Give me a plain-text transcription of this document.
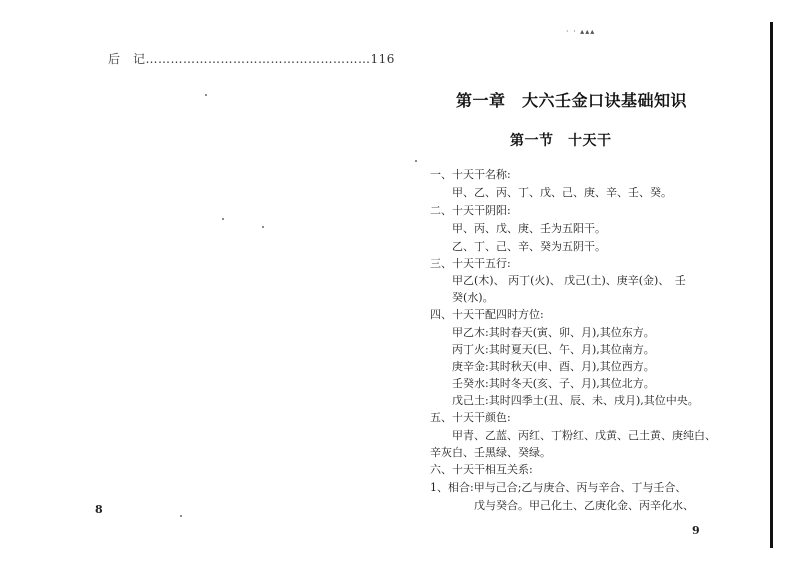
后　记………………………………………………116
8
· · ▴▴▴
第一章　大六壬金口诀基础知识
第一节　十天干
一、十天干名称:
甲、乙、丙、丁、戊、己、庚、辛、壬、癸。
二、十天干阴阳:
甲、丙、戊、庚、壬为五阳干。
乙、丁、己、辛、癸为五阴干。
三、十天干五行:
甲乙(木)、 丙丁(火)、 戊己(土)、庚辛(金)、　壬
癸(水)。
四、十天干配四时方位:
甲乙木:其时春天(寅、卯、月),其位东方。
丙丁火:其时夏天(巳、午、月),其位南方。
庚辛金:其时秋天(申、酉、月),其位西方。
壬癸水:其时冬天(亥、子、月),其位北方。
戊己土:其时四季土(丑、辰、未、戌月),其位中央。
五、十天干颜色:
甲青、乙蓝、丙红、丁粉红、戊黄、己土黄、庚纯白、
辛灰白、壬黑绿、癸绿。
六、十天干相互关系:
1、相合:甲与己合;乙与庚合、丙与辛合、丁与壬合、
戊与癸合。甲己化土、乙庚化金、丙辛化水、
9
